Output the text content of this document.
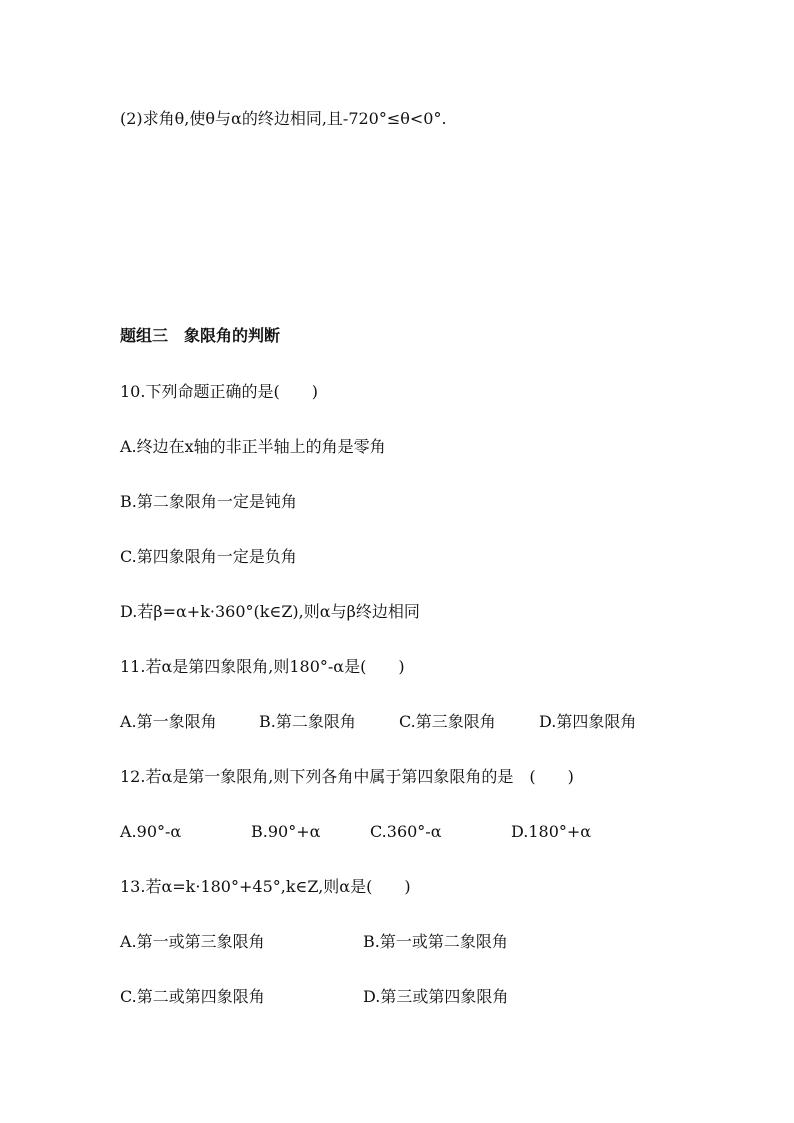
(2)求角θ,使θ与α的终边相同,且-720°≤θ<0°.
题组三　象限角的判断
10.下列命题正确的是(　　)
A.终边在x轴的非正半轴上的角是零角
B.第二象限角一定是钝角
C.第四象限角一定是负角
D.若β=α+k·360°(k∈Z),则α与β终边相同
11.若α是第四象限角,则180°-α是(　　)
A.第一象限角	B.第二象限角	C.第三象限角	D.第四象限角
12.若α是第一象限角,则下列各角中属于第四象限角的是　(　　)
A.90°-α	B.90°+α	C.360°-α	D.180°+α
13.若α=k·180°+45°,k∈Z,则α是(　　)
A.第一或第三象限角	B.第一或第二象限角
C.第二或第四象限角	D.第三或第四象限角
